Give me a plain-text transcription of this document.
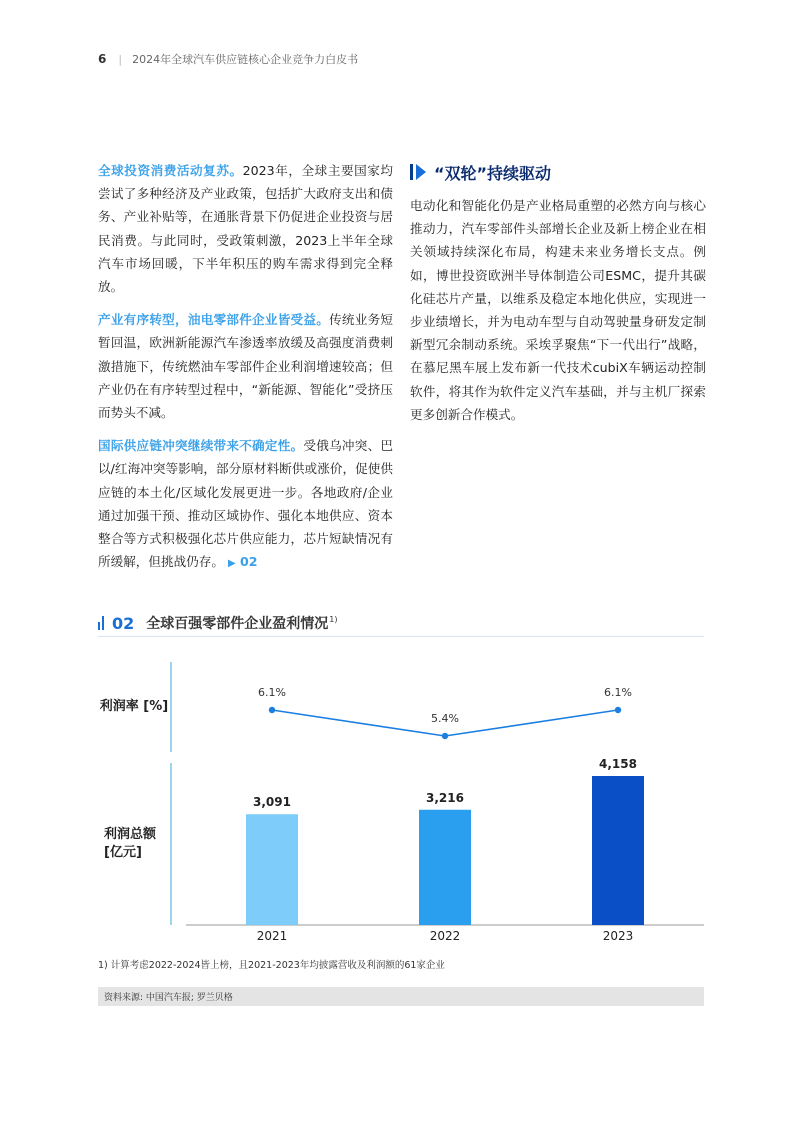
6 | 2024年全球汽车供应链核心企业竞争力白皮书

全球投资消费活动复苏。2023年，全球主要国家均尝试了多种经济及产业政策，包括扩大政府支出和债务、产业补贴等，在通胀背景下仍促进企业投资与居民消费。与此同时，受政策刺激，2023上半年全球汽车市场回暖，下半年积压的购车需求得到完全释放。

产业有序转型，油电零部件企业皆受益。传统业务短暂回温，欧洲新能源汽车渗透率放缓及高强度消费刺激措施下，传统燃油车零部件企业利润增速较高；但产业仍在有序转型过程中，“新能源、智能化”受挤压而势头不减。

国际供应链冲突继续带来不确定性。受俄乌冲突、巴以/红海冲突等影响，部分原材料断供或涨价，促使供应链的本土化/区域化发展更进一步。各地政府/企业通过加强干预、推动区域协作、强化本地供应、资本整合等方式积极强化芯片供应能力，芯片短缺情况有所缓解，但挑战仍存。 ▶ 02

“双轮”持续驱动

电动化和智能化仍是产业格局重塑的必然方向与核心推动力，汽车零部件头部增长企业及新上榜企业在相关领域持续深化布局，构建未来业务增长支点。例如，博世投资欧洲半导体制造公司ESMC，提升其碳化硅芯片产量，以维系及稳定本地化供应，实现进一步业绩增长，并为电动车型与自动驾驶量身研发定制新型冗余制动系统。采埃孚聚焦“下一代出行”战略，在慕尼黑车展上发布新一代技术cubiX车辆运动控制软件，将其作为软件定义汽车基础，并与主机厂探索更多创新合作模式。

02 全球百强零部件企业盈利情况$^{1)}$
利润率 [%]
利润总额
[亿元]
3,091
2021
3,216
2022
4,158
2023
6.1%
5.4%
6.1%
1) 计算考虑2022-2024皆上榜，且2021-2023年均披露营收及利润额的61家企业
资料来源: 中国汽车报; 罗兰贝格
